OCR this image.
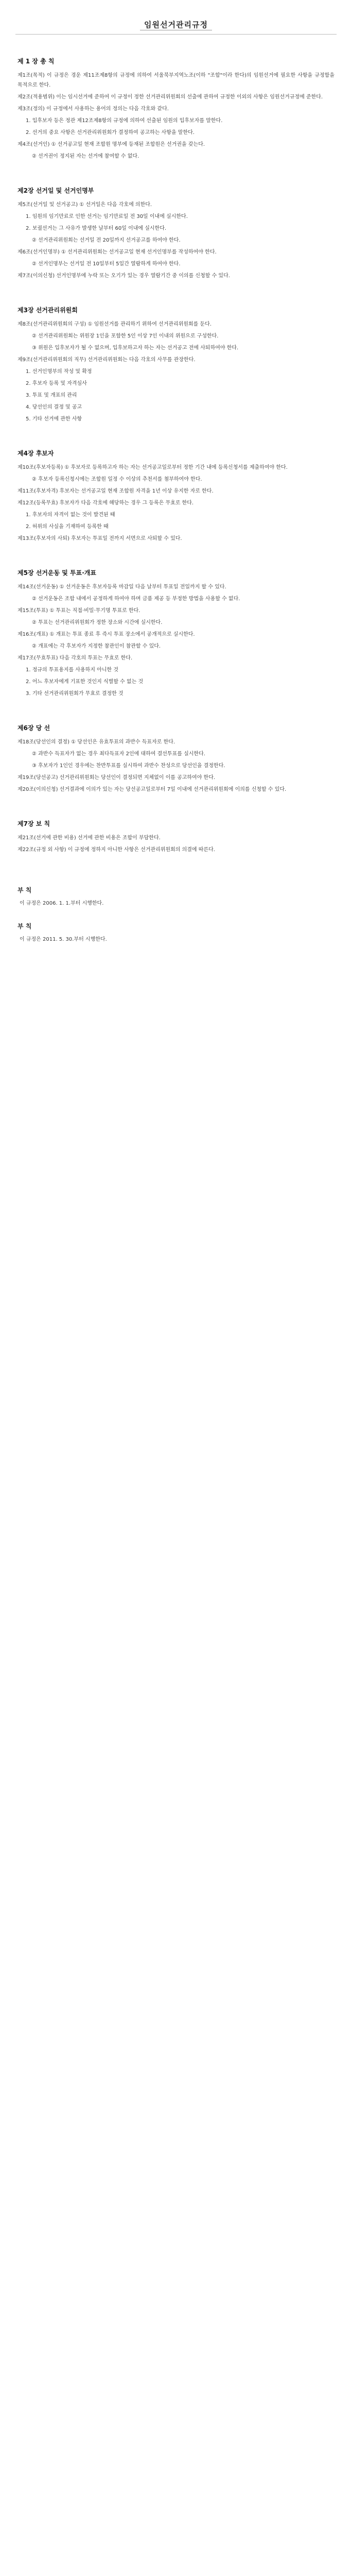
임원선거관리규정
제 1 장 총 칙

제1조(목적) 이 규정은 경운 제11조제8항의 규정에 의하여 서울북부지역노조(이하 "조합"이라 한다)의 임원선거에 필요한 사항을 규정함을 목적으로 한다.

제2조(적용범위) 이는 임시선거에 준하여 이 규정이 정한 선거관리위원회의 선출에 관하여 규정한 이외의 사항은 임원선거규정에 준한다.

제3조(정의) 이 규정에서 사용하는 용어의 정의는 다음 각호와 같다.

1. 입후보자 등은 정관 제12조제8항의 규정에 의하여 선출된 임원의 입후보자를 말한다.

2. 선거의 중요 사항은 선거관리위원회가 결정하여 공고하는 사항을 말한다.

제4조(선거인) ① 선거공고일 현재 조합원 명부에 등재된 조합원은 선거권을 갖는다.

② 선거권이 정지된 자는 선거에 참여할 수 없다.

제2장 선거일 및 선거인명부

제5조(선거일 및 선거공고) ① 선거일은 다음 각호에 의한다.

1. 임원의 임기만료로 인한 선거는 임기만료일 전 30일 이내에 실시한다.

2. 보궐선거는 그 사유가 발생한 날부터 60일 이내에 실시한다.

② 선거관리위원회는 선거일 전 20일까지 선거공고를 하여야 한다.

제6조(선거인명부) ① 선거관리위원회는 선거공고일 현재 선거인명부를 작성하여야 한다.

② 선거인명부는 선거일 전 10일부터 5일간 열람하게 하여야 한다.

제7조(이의신청) 선거인명부에 누락 또는 오기가 있는 경우 열람기간 중 이의를 신청할 수 있다.

제3장 선거관리위원회

제8조(선거관리위원회의 구성) ① 임원선거를 관리하기 위하여 선거관리위원회를 둔다.

② 선거관리위원회는 위원장 1인을 포함한 5인 이상 7인 이내의 위원으로 구성한다.

③ 위원은 입후보자가 될 수 없으며, 입후보하고자 하는 자는 선거공고 전에 사퇴하여야 한다.

제9조(선거관리위원회의 직무) 선거관리위원회는 다음 각호의 사무를 관장한다.

1. 선거인명부의 작성 및 확정

2. 후보자 등록 및 자격심사

3. 투표 및 개표의 관리

4. 당선인의 결정 및 공고

5. 기타 선거에 관한 사항

제4장 후보자

제10조(후보자등록) ① 후보자로 등록하고자 하는 자는 선거공고일로부터 정한 기간 내에 등록신청서를 제출하여야 한다.

② 후보자 등록신청시에는 조합원 일정 수 이상의 추천서를 첨부하여야 한다.

제11조(후보자격) 후보자는 선거공고일 현재 조합원 자격을 1년 이상 유지한 자로 한다.

제12조(등록무효) 후보자가 다음 각호에 해당하는 경우 그 등록은 무효로 한다.

1. 후보자의 자격이 없는 것이 발견된 때

2. 허위의 사실을 기재하여 등록한 때

제13조(후보자의 사퇴) 후보자는 투표일 전까지 서면으로 사퇴할 수 있다.

제5장 선거운동 및 투표·개표

제14조(선거운동) ① 선거운동은 후보자등록 마감일 다음 날부터 투표일 전일까지 할 수 있다.

② 선거운동은 조합 내에서 공정하게 하여야 하며 금품 제공 등 부정한 방법을 사용할 수 없다.

제15조(투표) ① 투표는 직접·비밀·무기명 투표로 한다.

② 투표는 선거관리위원회가 정한 장소와 시간에 실시한다.

제16조(개표) ① 개표는 투표 종료 후 즉시 투표 장소에서 공개적으로 실시한다.

② 개표에는 각 후보자가 지정한 참관인이 참관할 수 있다.

제17조(무효투표) 다음 각호의 투표는 무효로 한다.

1. 정규의 투표용지를 사용하지 아니한 것

2. 어느 후보자에게 기표한 것인지 식별할 수 없는 것

3. 기타 선거관리위원회가 무효로 결정한 것

제6장 당 선

제18조(당선인의 결정) ① 당선인은 유효투표의 과반수 득표자로 한다.

② 과반수 득표자가 없는 경우 최다득표자 2인에 대하여 결선투표를 실시한다.

③ 후보자가 1인인 경우에는 찬반투표를 실시하여 과반수 찬성으로 당선인을 결정한다.

제19조(당선공고) 선거관리위원회는 당선인이 결정되면 지체없이 이를 공고하여야 한다.

제20조(이의신청) 선거결과에 이의가 있는 자는 당선공고일로부터 7일 이내에 선거관리위원회에 이의를 신청할 수 있다.

제7장 보 칙

제21조(선거에 관한 비용) 선거에 관한 비용은 조합이 부담한다.

제22조(규정 외 사항) 이 규정에 정하지 아니한 사항은 선거관리위원회의 의결에 따른다.

부 칙
이 규정은 2006. 1. 1.부터 시행한다.
부 칙
이 규정은 2011. 5. 30.부터 시행한다.
